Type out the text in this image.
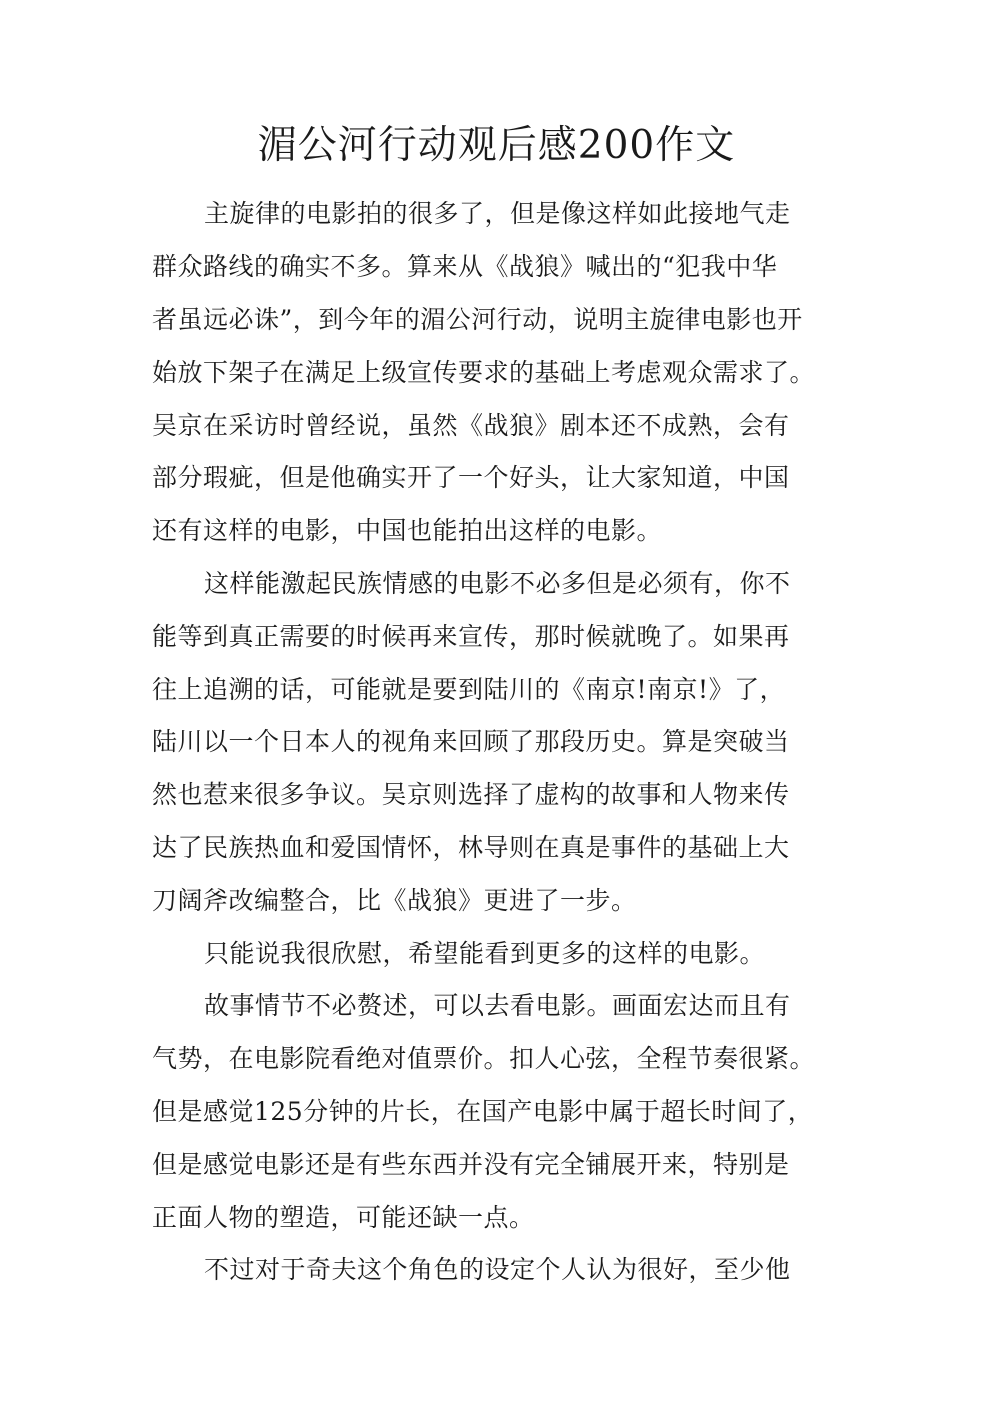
湄公河行动观后感200作文
主旋律的电影拍的很多了，但是像这样如此接地气走
群众路线的确实不多。算来从《战狼》喊出的“犯我中华
者虽远必诛”，到今年的湄公河行动，说明主旋律电影也开
始放下架子在满足上级宣传要求的基础上考虑观众需求了。
吴京在采访时曾经说，虽然《战狼》剧本还不成熟，会有
部分瑕疵，但是他确实开了一个好头，让大家知道，中国
还有这样的电影，中国也能拍出这样的电影。
这样能激起民族情感的电影不必多但是必须有，你不
能等到真正需要的时候再来宣传，那时候就晚了。如果再
往上追溯的话，可能就是要到陆川的《南京!南京!》了，
陆川以一个日本人的视角来回顾了那段历史。算是突破当
然也惹来很多争议。吴京则选择了虚构的故事和人物来传
达了民族热血和爱国情怀，林导则在真是事件的基础上大
刀阔斧改编整合，比《战狼》更进了一步。
只能说我很欣慰，希望能看到更多的这样的电影。
故事情节不必赘述，可以去看电影。画面宏达而且有
气势，在电影院看绝对值票价。扣人心弦，全程节奏很紧。
但是感觉125分钟的片长，在国产电影中属于超长时间了，
但是感觉电影还是有些东西并没有完全铺展开来，特别是
正面人物的塑造，可能还缺一点。
不过对于奇夫这个角色的设定个人认为很好，至少他
